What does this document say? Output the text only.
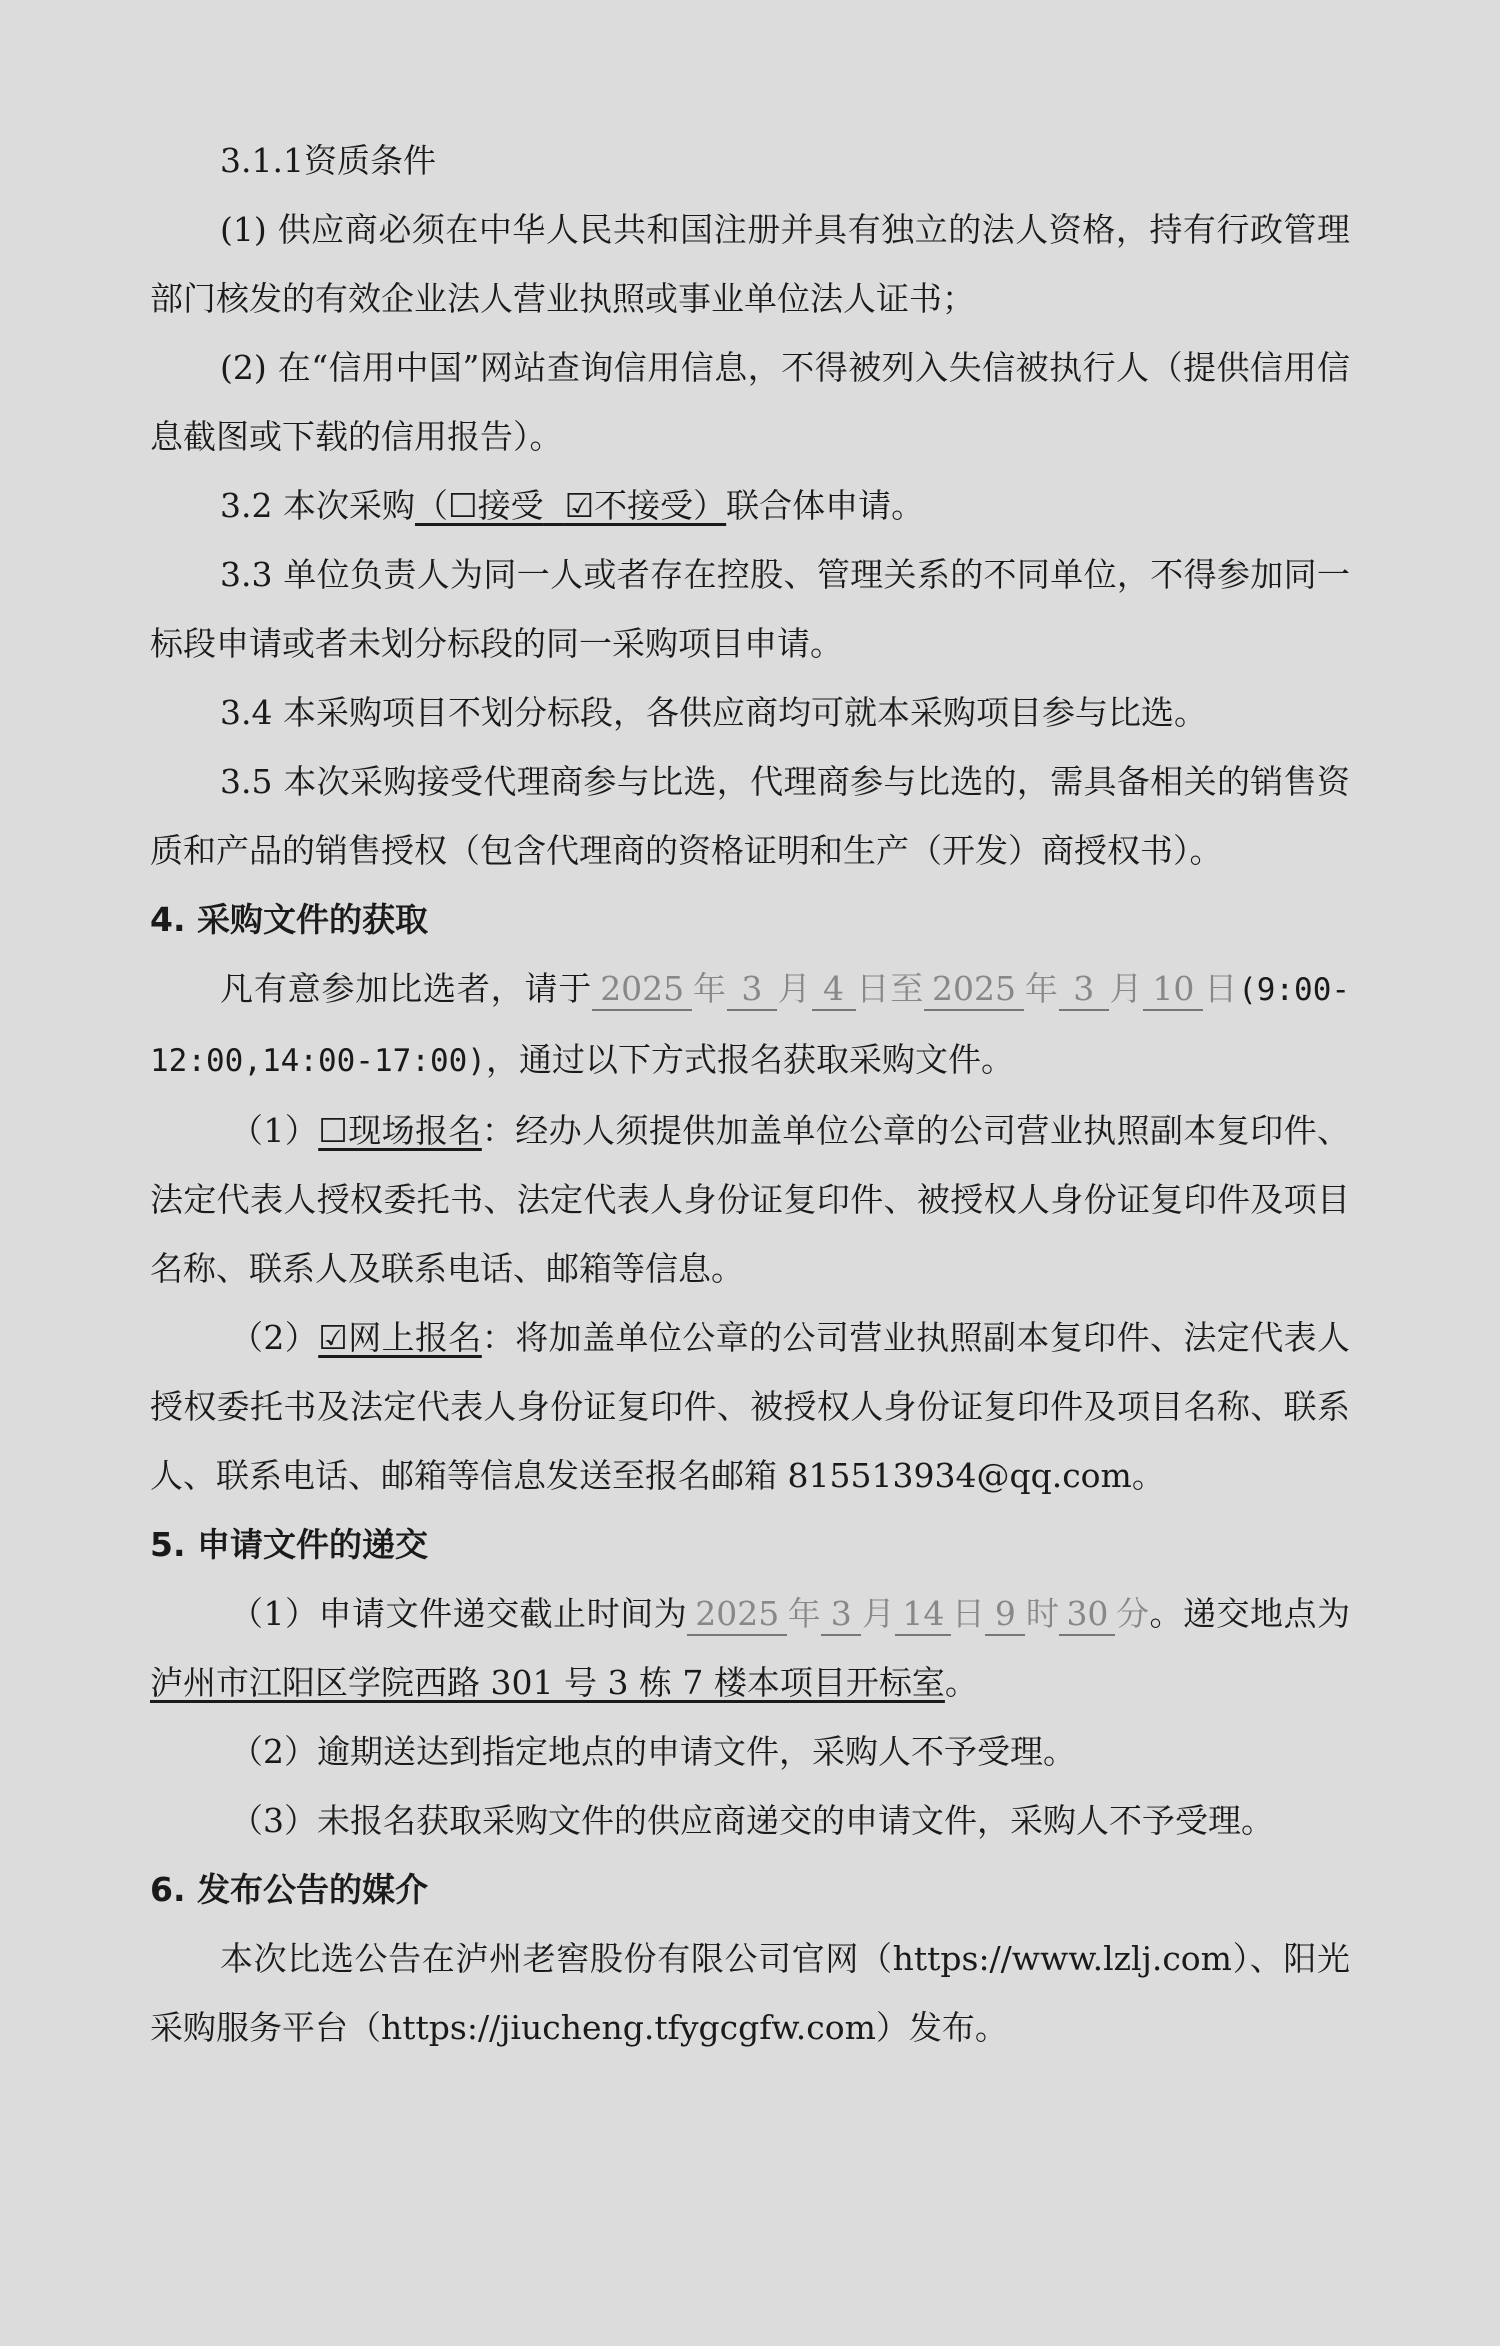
3.1.1资质条件

(1) 供应商必须在中华人民共和国注册并具有独立的法人资格，持有行政管理部门核发的有效企业法人营业执照或事业单位法人证书；

(2) 在“信用中国”网站查询信用信息，不得被列入失信被执行人（提供信用信息截图或下载的信用报告）。

3.2 本次采购（☐接受 ☑不接受）联合体申请。

3.3 单位负责人为同一人或者存在控股、管理关系的不同单位，不得参加同一标段申请或者未划分标段的同一采购项目申请。

3.4 本采购项目不划分标段，各供应商均可就本采购项目参与比选。

3.5 本次采购接受代理商参与比选，代理商参与比选的，需具备相关的销售资质和产品的销售授权（包含代理商的资格证明和生产（开发）商授权书）。

4. 采购文件的获取

凡有意参加比选者，请于 2025 年 3 月 4 日至 2025 年 3 月 10 日(9:00-12:00,14:00-17:00)，通过以下方式报名获取采购文件。

（1）☐现场报名：经办人须提供加盖单位公章的公司营业执照副本复印件、法定代表人授权委托书、法定代表人身份证复印件、被授权人身份证复印件及项目名称、联系人及联系电话、邮箱等信息。

（2）☑网上报名：将加盖单位公章的公司营业执照副本复印件、法定代表人授权委托书及法定代表人身份证复印件、被授权人身份证复印件及项目名称、联系人、联系电话、邮箱等信息发送至报名邮箱 815513934@qq.com。

5. 申请文件的递交

（1）申请文件递交截止时间为 2025 年 3 月 14 日 9 时 30 分。递交地点为泸州市江阳区学院西路 301 号 3 栋 7 楼本项目开标室。

（2）逾期送达到指定地点的申请文件，采购人不予受理。

（3）未报名获取采购文件的供应商递交的申请文件，采购人不予受理。

6. 发布公告的媒介

本次比选公告在泸州老窖股份有限公司官网（https://www.lzlj.com）、阳光采购服务平台（https://jiucheng.tfygcgfw.com）发布。
